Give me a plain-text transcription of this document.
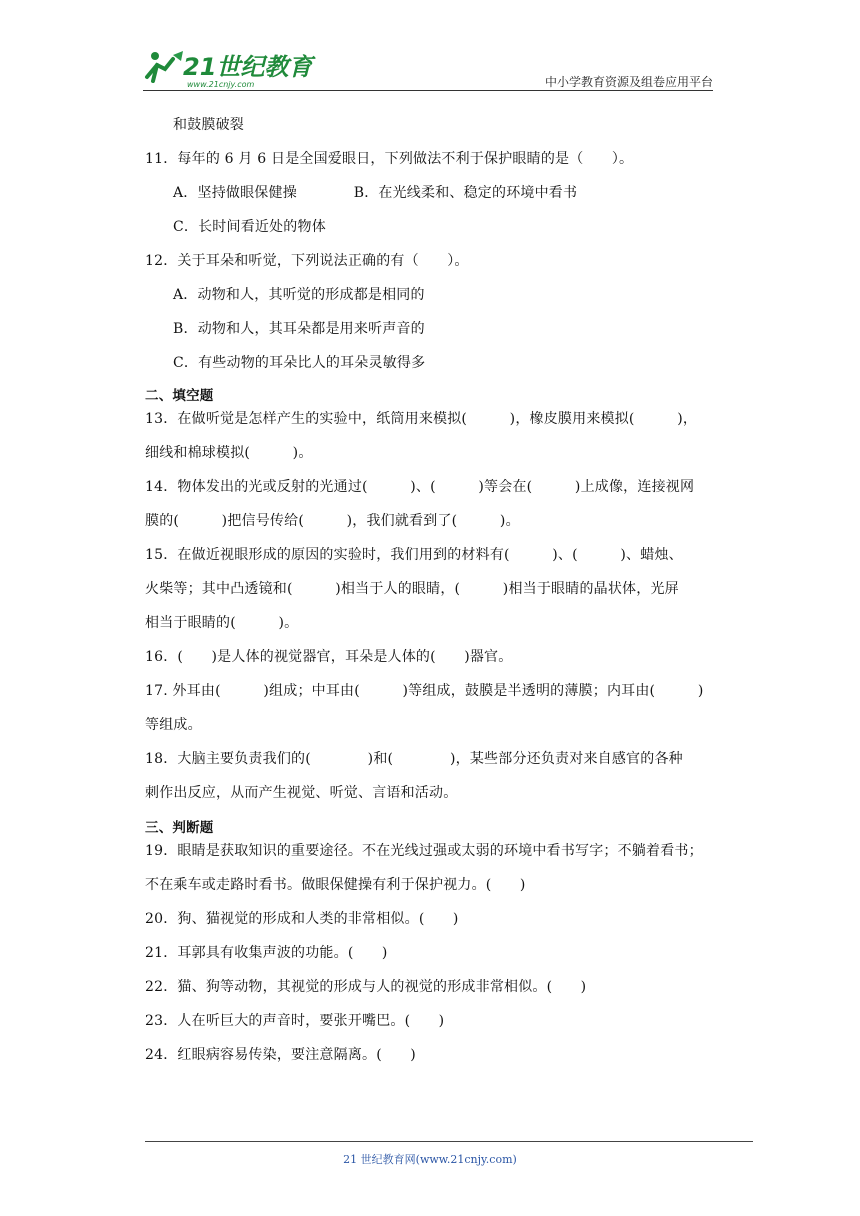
21世纪教育
www.21cnjy.com	中小学教育资源及组卷应用平台
和鼓膜破裂
11．每年的 6 月 6 日是全国爱眼日，下列做法不利于保护眼睛的是（　　）。
A．坚持做眼保健操　　　　B．在光线柔和、稳定的环境中看书
C．长时间看近处的物体
12．关于耳朵和听觉，下列说法正确的有（　　）。
A．动物和人，其听觉的形成都是相同的
B．动物和人，其耳朵都是用来听声音的
C．有些动物的耳朵比人的耳朵灵敏得多
二、填空题
13．在做听觉是怎样产生的实验中，纸筒用来模拟(　　　)，橡皮膜用来模拟(　　　)，
细线和棉球模拟(　　　)。
14．物体发出的光或反射的光通过(　　　)、(　　　)等会在(　　　)上成像，连接视网
膜的(　　　)把信号传给(　　　)，我们就看到了(　　　)。
15．在做近视眼形成的原因的实验时，我们用到的材料有(　　　)、(　　　)、蜡烛、
火柴等；其中凸透镜和(　　　)相当于人的眼睛，(　　　)相当于眼睛的晶状体，光屏
相当于眼睛的(　　　)。
16．(　　)是人体的视觉器官，耳朵是人体的(　　)器官。
17. 外耳由(　　　)组成；中耳由(　　　)等组成，鼓膜是半透明的薄膜；内耳由(　　　)
等组成。
18．大脑主要负责我们的(　　　　)和(　　　　)，某些部分还负责对来自感官的各种
刺作出反应，从而产生视觉、听觉、言语和活动。
三、判断题
19．眼睛是获取知识的重要途径。不在光线过强或太弱的环境中看书写字；不躺着看书；
不在乘车或走路时看书。做眼保健操有利于保护视力。(　　)
20．狗、猫视觉的形成和人类的非常相似。(　　)
21．耳郭具有收集声波的功能。(　　)
22．猫、狗等动物，其视觉的形成与人的视觉的形成非常相似。(　　)
23．人在听巨大的声音时，要张开嘴巴。(　　)
24．红眼病容易传染，要注意隔离。(　　)
21 世纪教育网(www.21cnjy.com)
